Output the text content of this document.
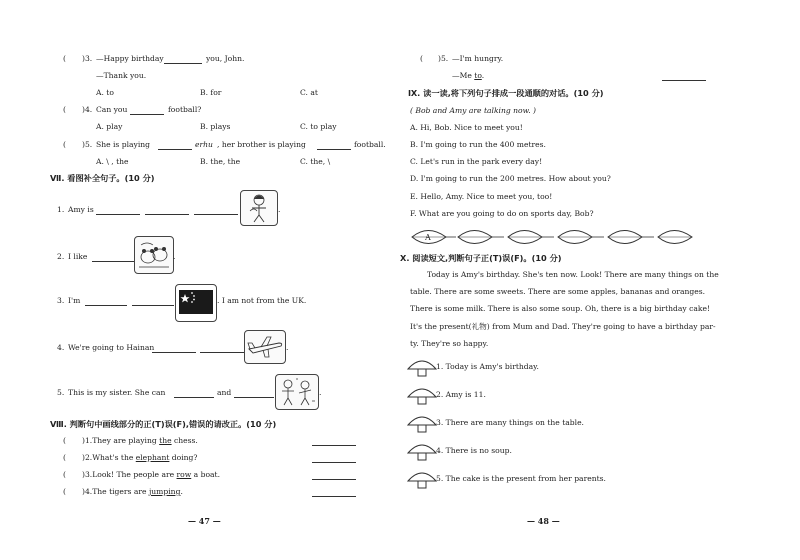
( )3. —Happy birthday	you, John.
—Thank you.
A. to	B. for	C. at
( )4. Can you	football?
A. play	B. plays	C. to play
( )5. She is playing	erhu , her brother is playing	football.
A. \ , the	B. the, the	C. the, \
Ⅶ. 看图补全句子。(10 分)
1. Amy is	.
2. I like	.
3. I'm	. I am not from the UK.
4. We're going to Hainan	.
5. This is my sister. She can	and	.
Ⅷ. 判断句中画线部分的正(T)误(F),错误的请改正。(10 分)
( )1.They are playing the chess.
( )2.What's the elephant doing?
( )3.Look! The people are row a boat.
( )4.The tigers are jumping.
— 47 —
( )5. —I'm hungry.
—Me to.
Ⅸ. 读一读,将下列句子排成一段通顺的对话。(10 分)
( Bob and Amy are talking now. )
A. Hi, Bob. Nice to meet you!
B. I'm going to run the 400 metres.
C. Let's run in the park every day!
D. I'm going to run the 200 metres. How about you?
E. Hello, Amy. Nice to meet you, too!
F. What are you going to do on sports day, Bob?
A
Ⅹ. 阅读短文,判断句子正(T)误(F)。(10 分)
Today is Amy's birthday. She's ten now. Look! There are many things on the
table. There are some sweets. There are some apples, bananas and oranges.
There is some milk. There is also some soup. Oh, there is a big birthday cake!
It's the present(礼物) from Mum and Dad. They're going to have a birthday par-
ty. They're so happy.
1. Today is Amy's birthday.
2. Amy is 11.
3. There are many things on the table.
4. There is no soup.
5. The cake is the present from her parents.
— 48 —
